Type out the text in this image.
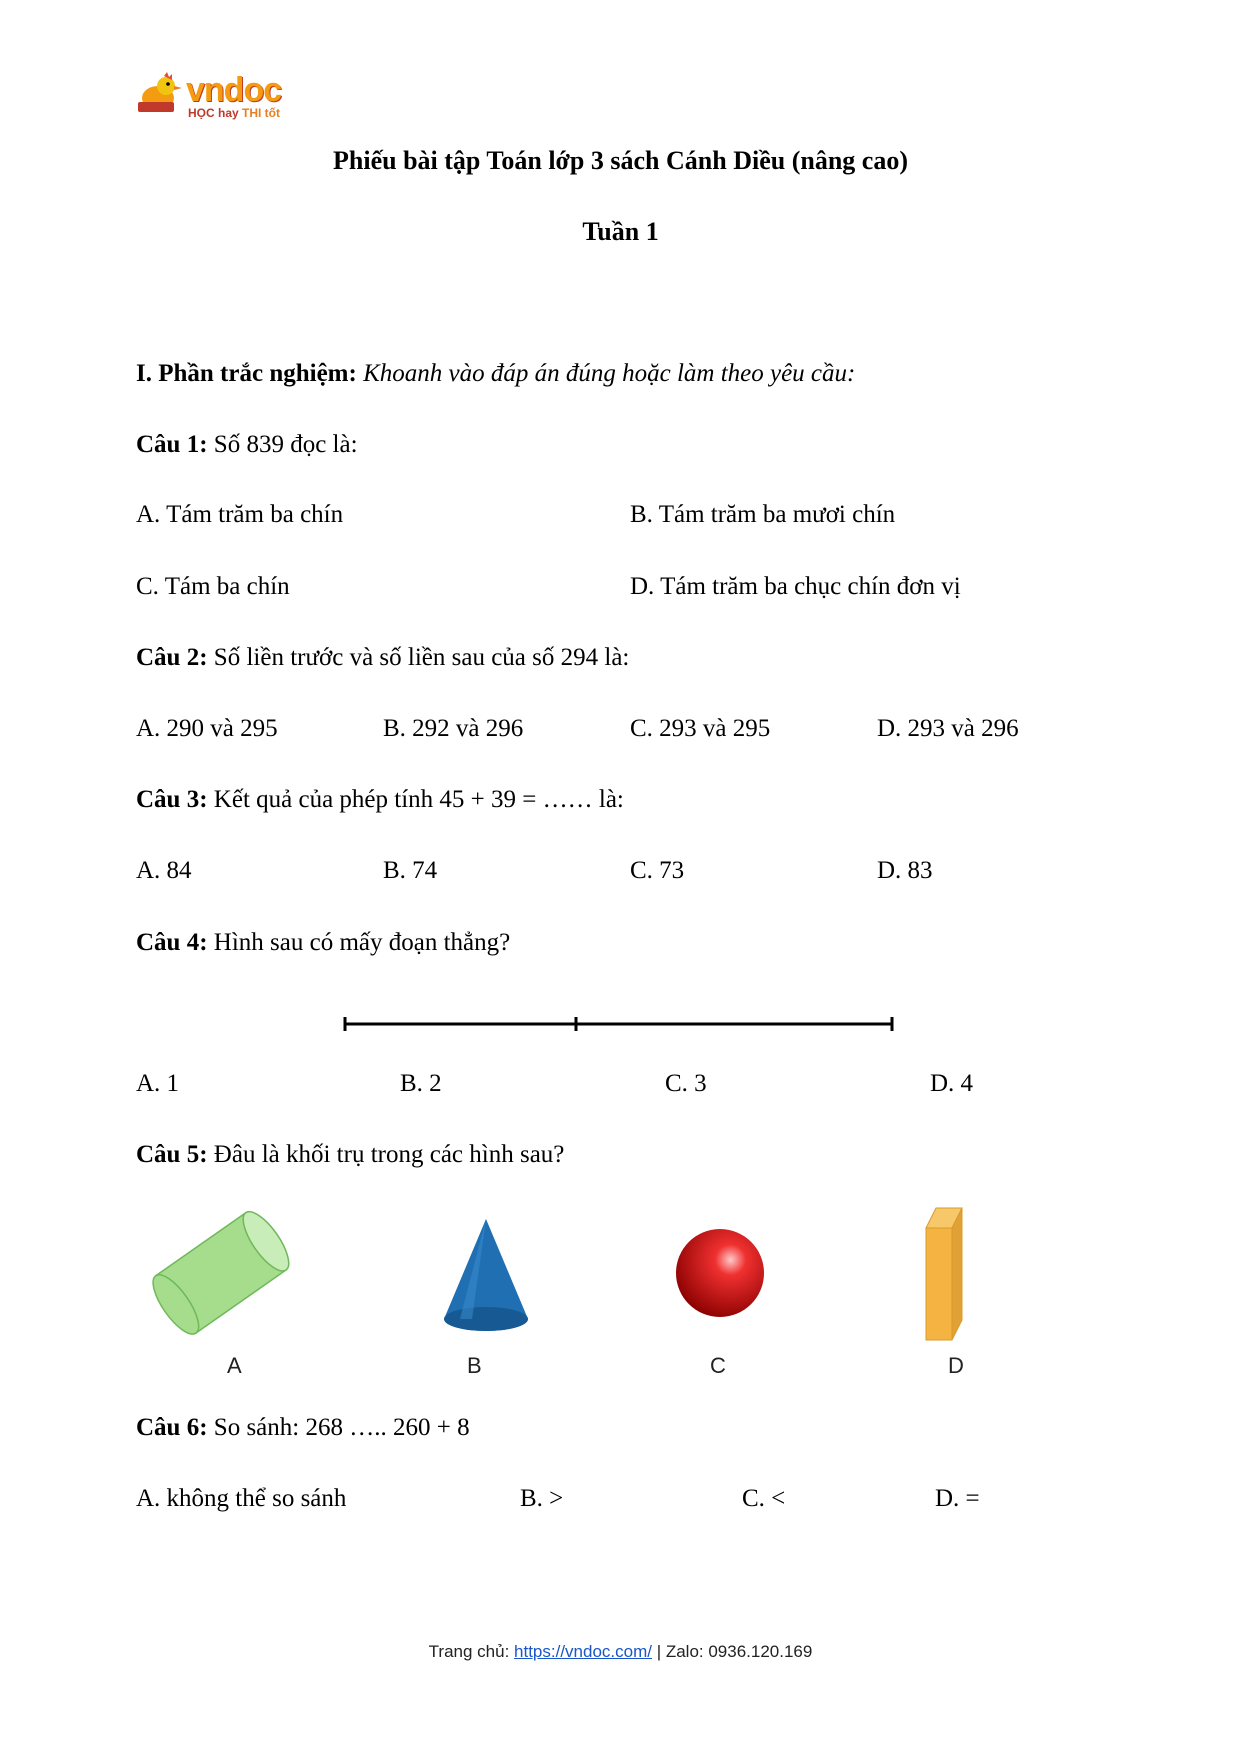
vndoc
HỌC hay THI tốt
Phiếu bài tập Toán lớp 3 sách Cánh Diều (nâng cao)
Tuần 1
I. Phần trắc nghiệm: Khoanh vào đáp án đúng hoặc làm theo yêu cầu:
Câu 1: Số 839 đọc là:
A. Tám trăm ba chín	B. Tám trăm ba mươi chín
C. Tám ba chín	D. Tám trăm ba chục chín đơn vị
Câu 2: Số liền trước và số liền sau của số 294 là:
A. 290 và 295	B. 292 và 296	C. 293 và 295	D. 293 và 296
Câu 3: Kết quả của phép tính 45 + 39 = …… là:
A. 84	B. 74	C. 73	D. 83
Câu 4: Hình sau có mấy đoạn thẳng?
A. 1	B. 2	C. 3	D. 4
Câu 5: Đâu là khối trụ trong các hình sau?
A	B	C	D
Câu 6: So sánh: 268 ….. 260 + 8
A. không thể so sánh	B. >	C. <	D. =
Trang chủ: https://vndoc.com/ | Zalo: 0936.120.169
